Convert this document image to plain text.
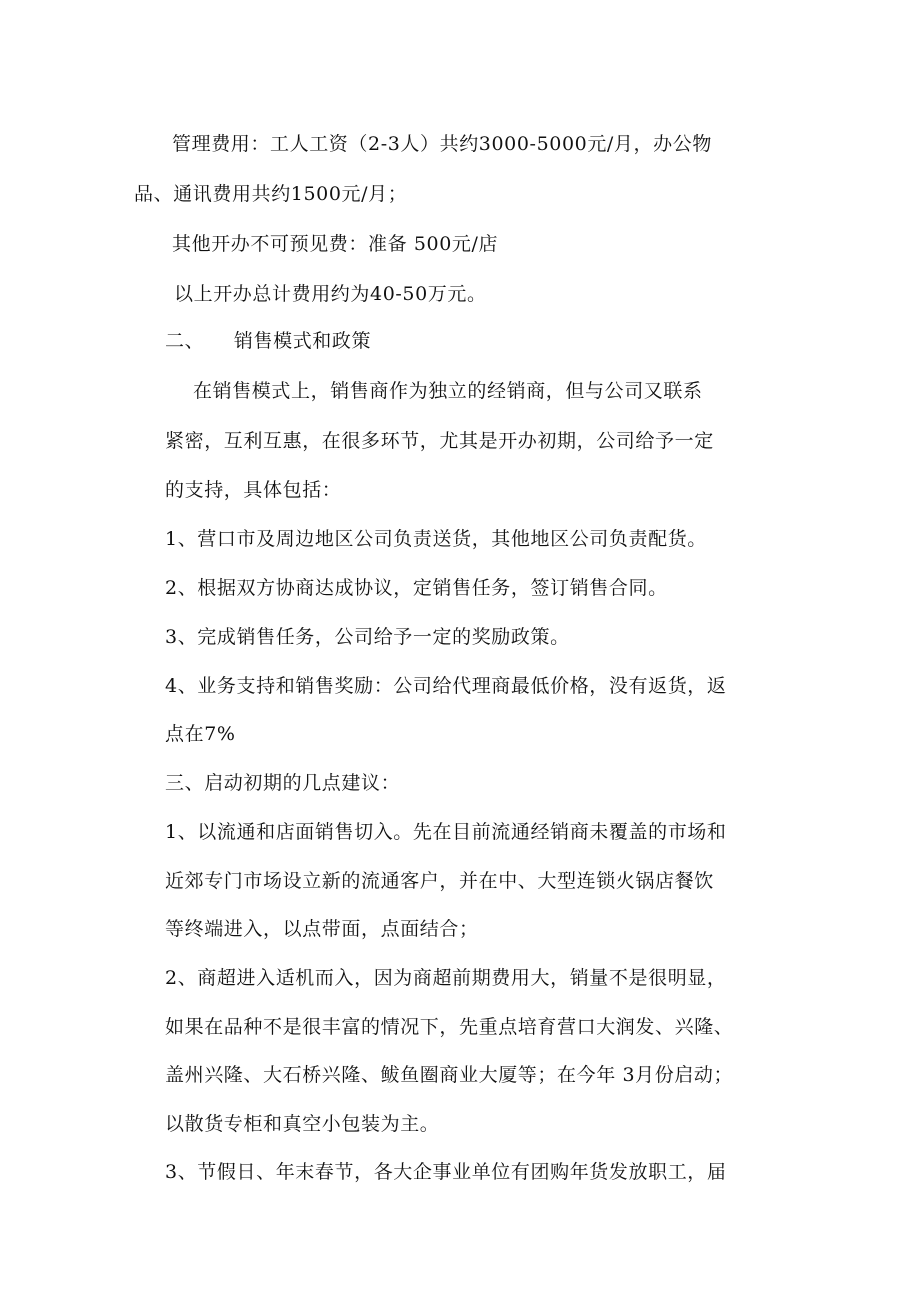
管理费用：工人工资（2-3人）共约3000-5000元/月，办公物
品、通讯费用共约1500元/月；
其他开办不可预见费：准备 500元/店
以上开办总计费用约为40-50万元。
二、　　销售模式和政策
在销售模式上，销售商作为独立的经销商，但与公司又联系
紧密，互利互惠，在很多环节，尤其是开办初期，公司给予一定
的支持，具体包括：
1、营口市及周边地区公司负责送货，其他地区公司负责配货。
2、根据双方协商达成协议，定销售任务，签订销售合同。
3、完成销售任务，公司给予一定的奖励政策。
4、业务支持和销售奖励：公司给代理商最低价格，没有返货，返
点在7%
三、启动初期的几点建议：
1、以流通和店面销售切入。先在目前流通经销商未覆盖的市场和
近郊专门市场设立新的流通客户，并在中、大型连锁火锅店餐饮
等终端进入，以点带面，点面结合；
2、商超进入适机而入，因为商超前期费用大，销量不是很明显，
如果在品种不是很丰富的情况下，先重点培育营口大润发、兴隆、
盖州兴隆、大石桥兴隆、鲅鱼圈商业大厦等；在今年 3月份启动；
以散货专柜和真空小包装为主。
3、节假日、年末春节，各大企事业单位有团购年货发放职工，届
